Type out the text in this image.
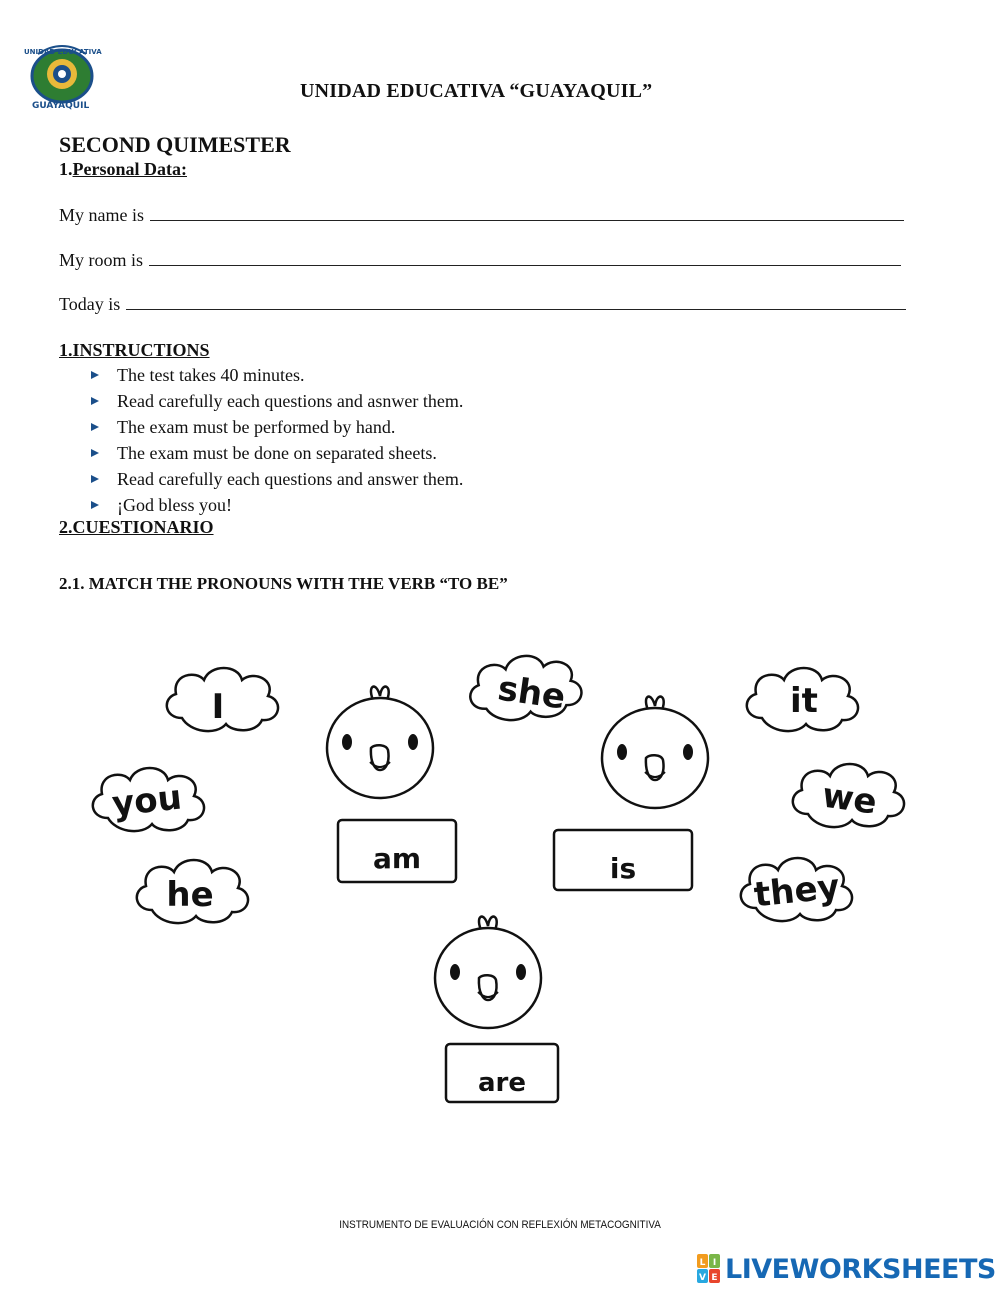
UNIDAD EDUCATIVA
GUAYAQUIL
UNIDAD EDUCATIVA “GUAYAQUIL”
SECOND QUIMESTER
1.Personal Data:
My name is
My room is
Today is
1.INSTRUCTIONS
The test takes 40 minutes.
Read carefully each questions and asnwer them.
The exam must be performed by hand.
The exam must be done on separated sheets.
Read carefully each questions and answer them.
¡God bless you!
2.CUESTIONARIO
2.1. MATCH THE PRONOUNS WITH THE VERB “TO BE”
I	she	it
you	we
he	they
am	is
are
INSTRUMENTO DE EVALUACIÓN CON REFLEXIÓN METACOGNITIVA
L I
V E LIVEWORKSHEETS
